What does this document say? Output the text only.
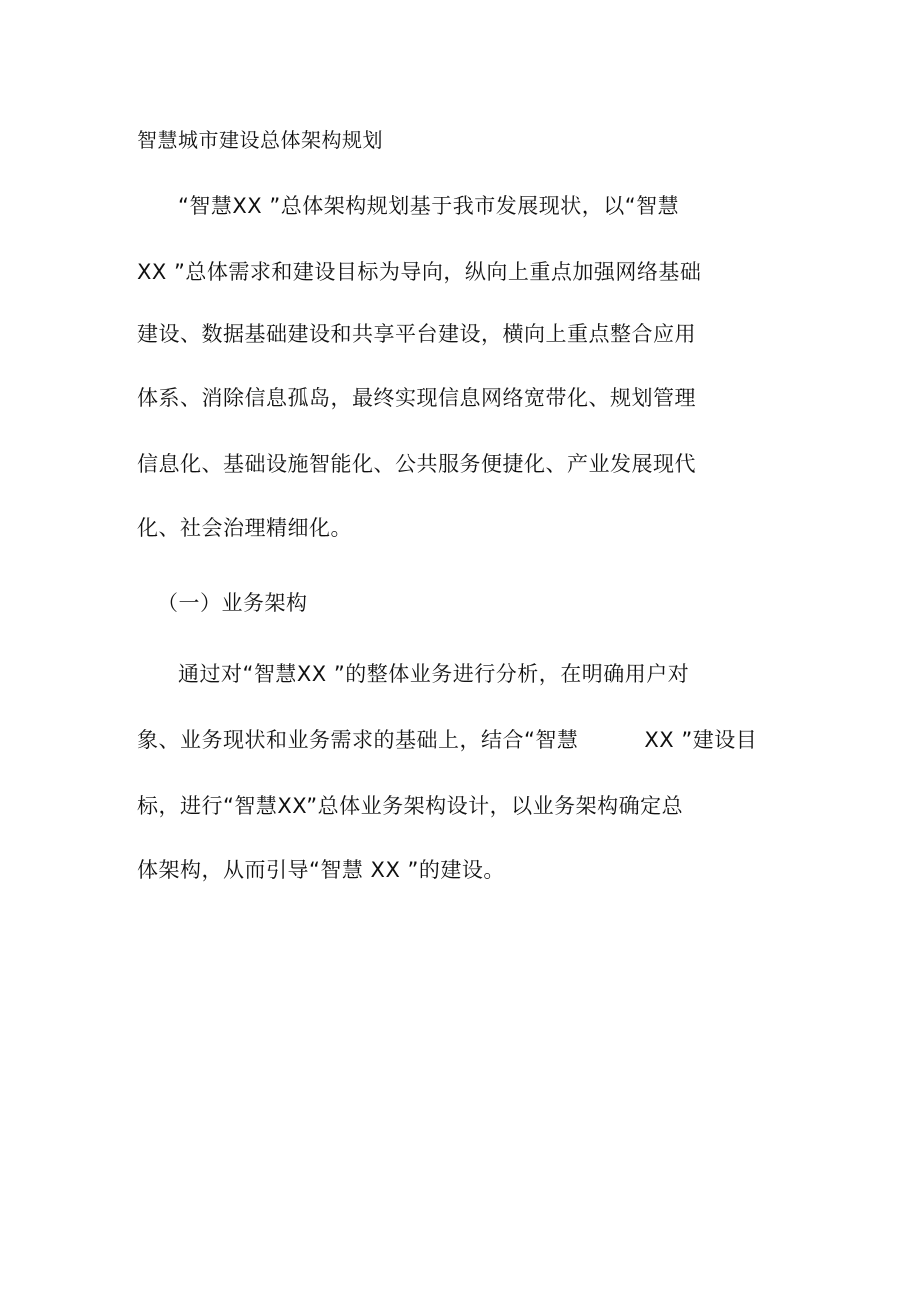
智慧城市建设总体架构规划
“智慧XX ”总体架构规划基于我市发展现状，以“智慧
XX ”总体需求和建设目标为导向，纵向上重点加强网络基础
建设、数据基础建设和共享平台建设，横向上重点整合应用
体系、消除信息孤岛，最终实现信息网络宽带化、规划管理
信息化、基础设施智能化、公共服务便捷化、产业发展现代
化、社会治理精细化。
（一）业务架构
通过对“智慧XX ”的整体业务进行分析，在明确用户对
象、业务现状和业务需求的基础上，结合“智慧	XX ”建设目
标，进行“智慧XX”总体业务架构设计，以业务架构确定总
体架构，从而引导“智慧 XX ”的建设。
